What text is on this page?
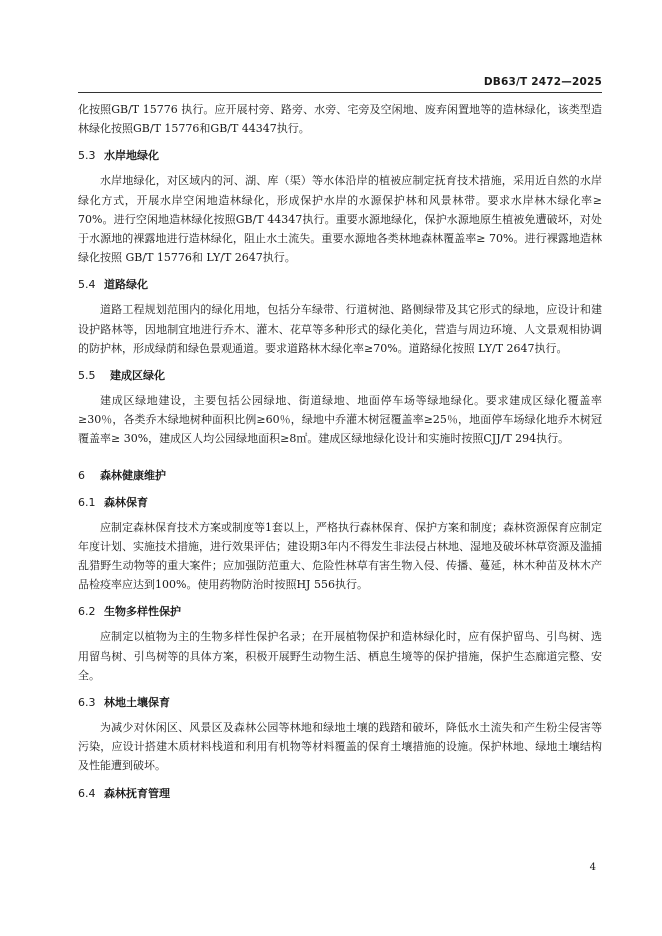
DB63/T 2472—2025

化按照GB/T 15776 执行。应开展村旁、路旁、水旁、宅旁及空闲地、废弃闲置地等的造林绿化，该类型造林绿化按照GB/T 15776和GB/T 44347执行。

5.3 水岸地绿化

水岸地绿化，对区域内的河、湖、库（渠）等水体沿岸的植被应制定抚育技术措施，采用近自然的水岸绿化方式，开展水岸空闲地造林绿化，形成保护水岸的水源保护林和风景林带。要求水岸林木绿化率≥ 70%。进行空闲地造林绿化按照GB/T 44347执行。重要水源地绿化，保护水源地原生植被免遭破坏，对处于水源地的裸露地进行造林绿化，阻止水土流失。重要水源地各类林地森林覆盖率≥ 70%。进行裸露地造林绿化按照 GB/T 15776和 LY/T 2647执行。

5.4 道路绿化

道路工程规划范围内的绿化用地，包括分车绿带、行道树池、路侧绿带及其它形式的绿地，应设计和建设护路林等，因地制宜地进行乔木、灌木、花草等多种形式的绿化美化，营造与周边环境、人文景观相协调的防护林，形成绿荫和绿色景观通道。要求道路林木绿化率≥70%。道路绿化按照 LY/T 2647执行。

5.5 建成区绿化

建成区绿地建设，主要包括公园绿地、街道绿地、地面停车场等绿地绿化。要求建成区绿化覆盖率≥30％，各类乔木绿地树种面积比例≥60％，绿地中乔灌木树冠覆盖率≥25％，地面停车场绿化地乔木树冠覆盖率≥ 30%，建成区人均公园绿地面积≥8㎡。建成区绿地绿化设计和实施时按照CJJ/T 294执行。

6 森林健康维护
6.1 森林保育

应制定森林保育技术方案或制度等1套以上，严格执行森林保育、保护方案和制度；森林资源保育应制定年度计划、实施技术措施，进行效果评估；建设期3年内不得发生非法侵占林地、湿地及破坏林草资源及滥捕乱猎野生动物等的重大案件；应加强防范重大、危险性林草有害生物入侵、传播、蔓延，林木种苗及林木产品检疫率应达到100%。使用药物防治时按照HJ 556执行。

6.2 生物多样性保护

应制定以植物为主的生物多样性保护名录；在开展植物保护和造林绿化时，应有保护留鸟、引鸟树、选用留鸟树、引鸟树等的具体方案，积极开展野生动物生活、栖息生境等的保护措施，保护生态廊道完整、安全。

6.3 林地土壤保育

为减少对休闲区、风景区及森林公园等林地和绿地土壤的践踏和破坏，降低水土流失和产生粉尘侵害等污染，应设计搭建木质材料栈道和利用有机物等材料覆盖的保育土壤措施的设施。保护林地、绿地土壤结构及性能遭到破坏。

6.4 森林抚育管理
4
